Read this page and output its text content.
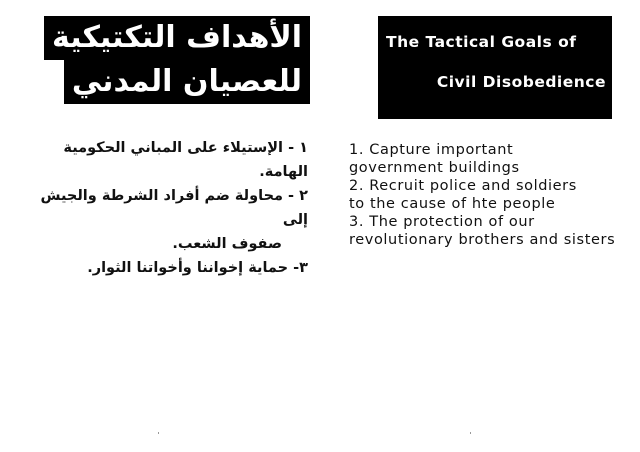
الأهداف التكتيكية
للعصيان المدني
١ - الإستيلاء على المباني الحكومية الهامة.
٢ - محاولة ضم أفراد الشرطة والجيش إلى
صفوف الشعب.
٣- حماية إخواننا وأخواتنا الثوار.
The Tactical Goals of
Civil Disobedience
1. Capture important
government buildings
2. Recruit police and soldiers
to the cause of hte people
3. The protection of our
revolutionary brothers and sisters
